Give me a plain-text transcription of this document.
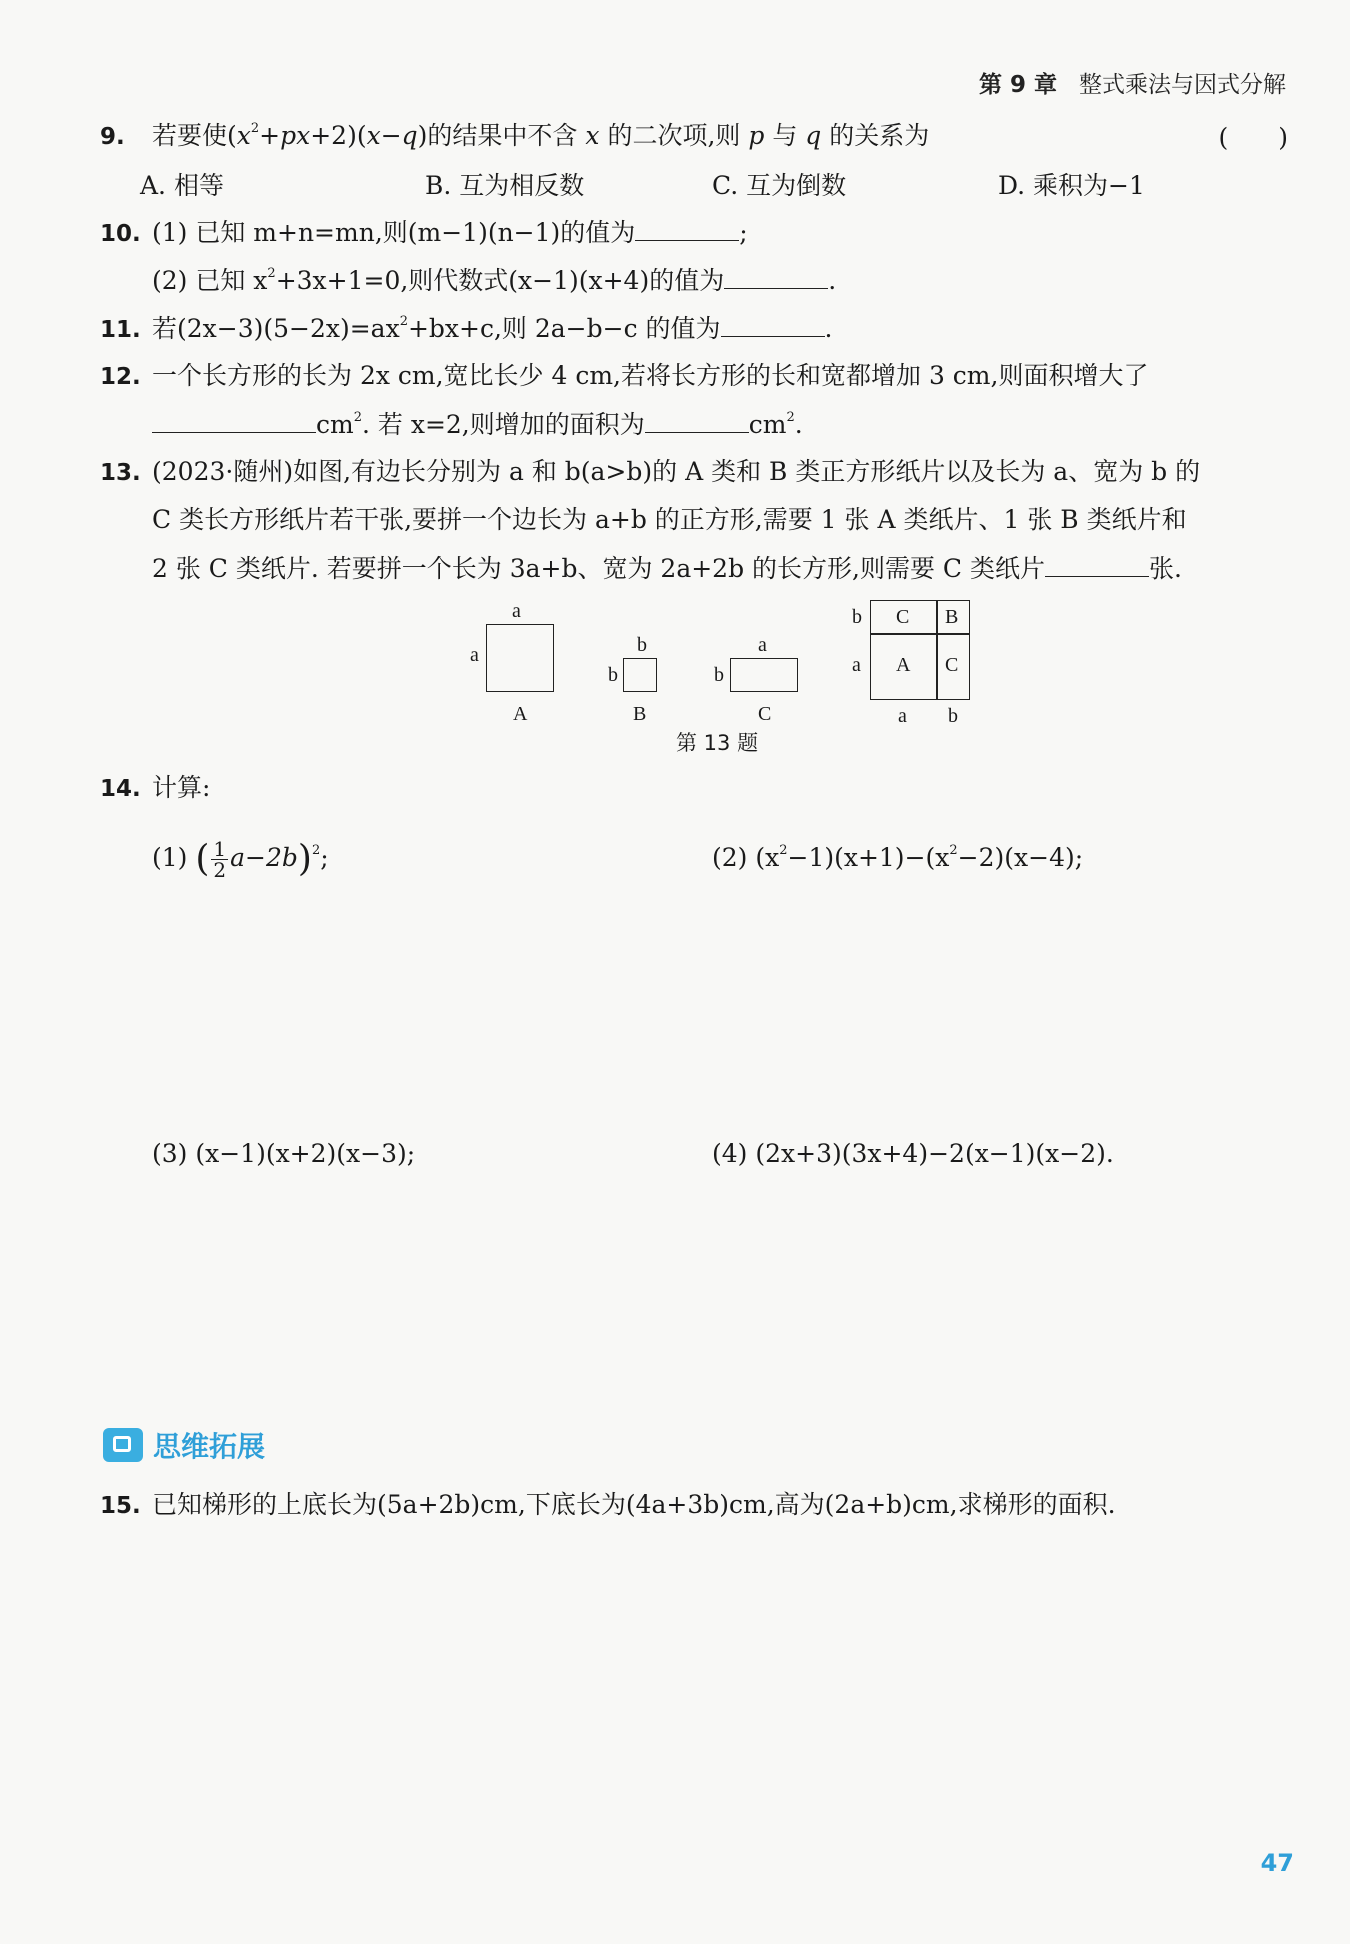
第 9 章 整式乘法与因式分解
9. 若要使$(x^2+px+2)(x-q)$的结果中不含 x 的二次项,则 p 与 q 的关系为	(　　)
A. 相等	B. 互为相反数	C. 互为倒数	D. 乘积为−1
10. (1) 已知 m+n=mn,则(m−1)(n−1)的值为	;
(2) 已知 $x^2+3x+1=0$,则代数式(x−1)(x+4)的值为	.
11. 若$(2x-3)(5-2x)=ax^2+bx+c$,则 2a−b−c 的值为	.
12. 一个长方形的长为 2x cm,宽比长少 4 cm,若将长方形的长和宽都增加 3 cm,则面积增大了
$cm^2$. 若 x=2,则增加的面积为	$cm^2$.
13. (2023·随州)如图,有边长分别为 a 和 b(a>b)的 A 类和 B 类正方形纸片以及长为 a、宽为 b 的
C 类长方形纸片若干张,要拼一个边长为 a+b 的正方形,需要 1 张 A 类纸片、1 张 B 类纸片和
2 张 C 类纸片. 若要拼一个长为 3a+b、宽为 2a+2b 的长方形,则需要 C 类纸片	张.
a
a
A
b
b
B
a
b
C
b
a
C B
A C
a b
第 13 题
14. 计算:
(1) ( $\frac{1}{2} a-2b)^2$;	(2) $(x^2-1)(x+1)-(x^2-2)(x-4)$;
(3) (x−1)(x+2)(x−3);	(4) (2x+3)(3x+4)−2(x−1)(x−2).
思维拓展
15. 已知梯形的上底长为(5a+2b)cm,下底长为(4a+3b)cm,高为(2a+b)cm,求梯形的面积.
47
